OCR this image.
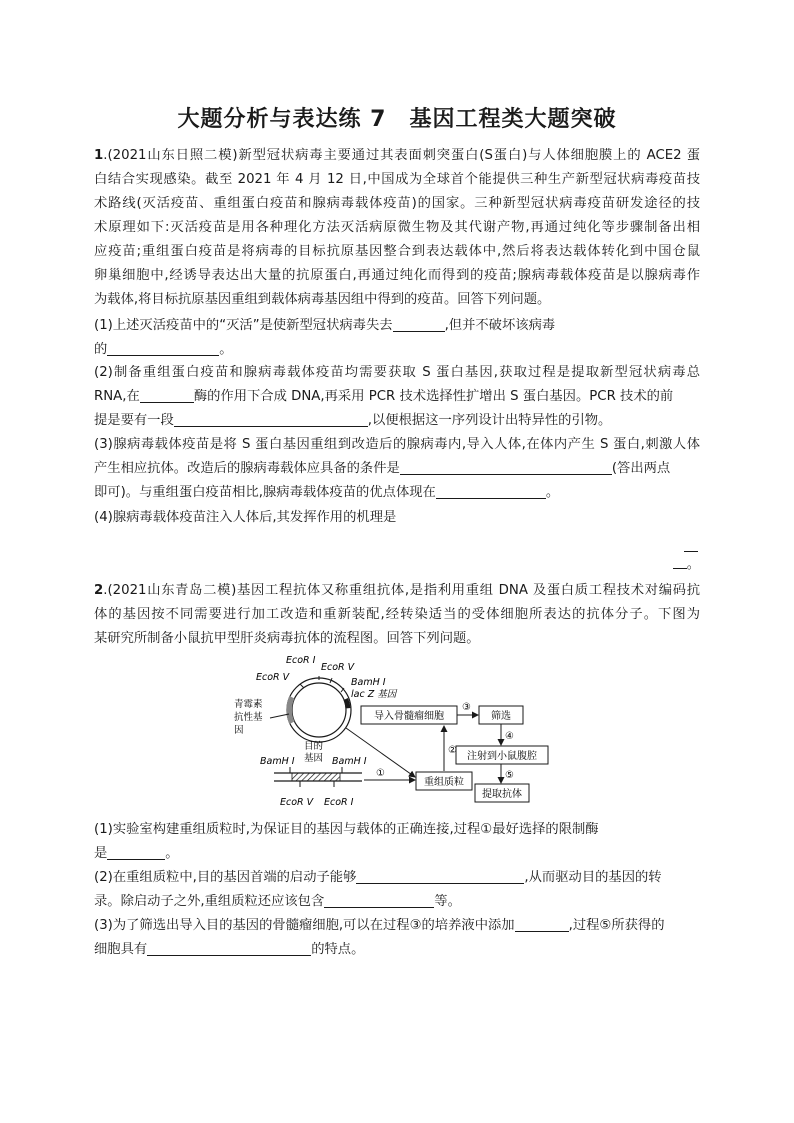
大题分析与表达练 7　基因工程类大题突破
1.(2021山东日照二模)新型冠状病毒主要通过其表面刺突蛋白(S蛋白)与人体细胞膜上的 ACE2 蛋
白结合实现感染。截至 2021 年 4 月 12 日,中国成为全球首个能提供三种生产新型冠状病毒疫苗技
术路线(灭活疫苗、重组蛋白疫苗和腺病毒载体疫苗)的国家。三种新型冠状病毒疫苗研发途径的技
术原理如下:灭活疫苗是用各种理化方法灭活病原微生物及其代谢产物,再通过纯化等步骤制备出相
应疫苗;重组蛋白疫苗是将病毒的目标抗原基因整合到表达载体中,然后将表达载体转化到中国仓鼠
卵巢细胞中,经诱导表达出大量的抗原蛋白,再通过纯化而得到的疫苗;腺病毒载体疫苗是以腺病毒作
为载体,将目标抗原基因重组到载体病毒基因组中得到的疫苗。回答下列问题。
(1)上述灭活疫苗中的“灭活”是使新型冠状病毒失去	,但并不破坏该病毒
的	。
(2)制备重组蛋白疫苗和腺病毒载体疫苗均需要获取 S 蛋白基因,获取过程是提取新型冠状病毒总
RNA,在	酶的作用下合成 DNA,再采用 PCR 技术选择性扩增出 S 蛋白基因。PCR 技术的前
提是要有一段	,以便根据这一序列设计出特异性的引物。
(3)腺病毒载体疫苗是将 S 蛋白基因重组到改造后的腺病毒内,导入人体,在体内产生 S 蛋白,刺激人体
产生相应抗体。改造后的腺病毒载体应具备的条件是	(答出两点
即可)。与重组蛋白疫苗相比,腺病毒载体疫苗的优点体现在	。
(4)腺病毒载体疫苗注入人体后,其发挥作用的机理是
。
2.(2021山东青岛二模)基因工程抗体又称重组抗体,是指利用重组 DNA 及蛋白质工程技术对编码抗
体的基因按不同需要进行加工改造和重新装配,经转染适当的受体细胞所表达的抗体分子。下图为
某研究所制备小鼠抗甲型肝炎病毒抗体的流程图。回答下列问题。
EcoR Ⅰ
EcoR Ⅴ
EcoR Ⅴ
BamH Ⅰ
lac Z 基因
青霉素
抗性基
因
目的
基因
BamH Ⅰ	BamH Ⅰ
EcoR Ⅴ EcoR Ⅰ
导入骨髓瘤细胞	筛选
注射到小鼠腹腔
重组质粒
提取抗体
①
②
③
④
⑤
(1)实验室构建重组质粒时,为保证目的基因与载体的正确连接,过程①最好选择的限制酶
是	。
(2)在重组质粒中,目的基因首端的启动子能够	,从而驱动目的基因的转
录。除启动子之外,重组质粒还应该包含	等。
(3)为了筛选出导入目的基因的骨髓瘤细胞,可以在过程③的培养液中添加	,过程⑤所获得的
细胞具有	的特点。
